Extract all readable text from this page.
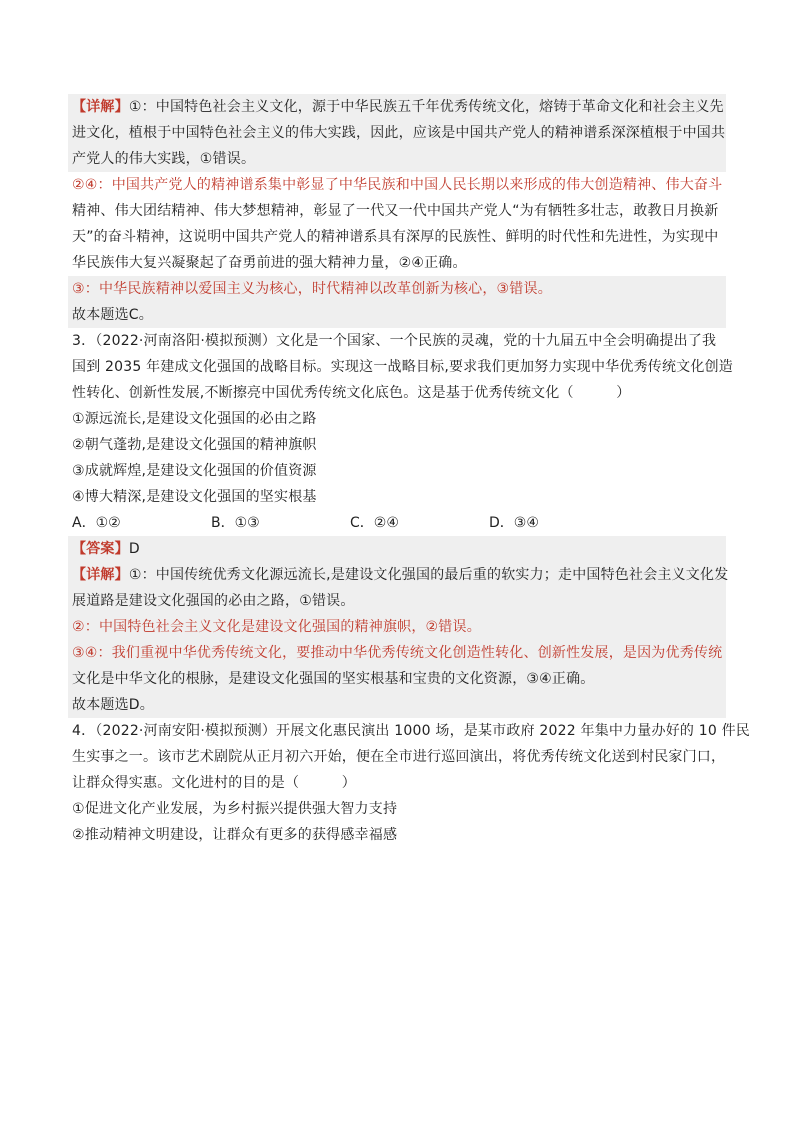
【详解】①：中国特色社会主义文化，源于中华民族五千年优秀传统文化，熔铸于革命文化和社会主义先
进文化，植根于中国特色社会主义的伟大实践，因此，应该是中国共产党人的精神谱系深深植根于中国共
产党人的伟大实践，①错误。
②④：中国共产党人的精神谱系集中彰显了中华民族和中国人民长期以来形成的伟大创造精神、伟大奋斗
精神、伟大团结精神、伟大梦想精神，彰显了一代又一代中国共产党人“为有牺牲多壮志，敢教日月换新
天”的奋斗精神，这说明中国共产党人的精神谱系具有深厚的民族性、鲜明的时代性和先进性，为实现中
华民族伟大复兴凝聚起了奋勇前进的强大精神力量，②④正确。
③：中华民族精神以爱国主义为核心，时代精神以改革创新为核心，③错误。
故本题选C。
3．（2022·河南洛阳·模拟预测）文化是一个国家、一个民族的灵魂，党的十九届五中全会明确提出了我
国到 2035 年建成文化强国的战略目标。实现这一战略目标,要求我们更加努力实现中华优秀传统文化创造
性转化、创新性发展,不断擦亮中国优秀传统文化底色。这是基于优秀传统文化（　　　）
①源远流长,是建设文化强国的必由之路
②朝气蓬勃,是建设文化强国的精神旗帜
③成就辉煌,是建设文化强国的价值资源
④博大精深,是建设文化强国的坚实根基
A．①②	B．①③	C．②④	D．③④
【答案】D
【详解】①：中国传统优秀文化源远流长,是建设文化强国的最后重的软实力；走中国特色社会主义文化发
展道路是建设文化强国的必由之路，①错误。
②：中国特色社会主义文化是建设文化强国的精神旗帜，②错误。
③④：我们重视中华优秀传统文化，要推动中华优秀传统文化创造性转化、创新性发展，是因为优秀传统
文化是中华文化的根脉，是建设文化强国的坚实根基和宝贵的文化资源，③④正确。
故本题选D。
4．（2022·河南安阳·模拟预测）开展文化惠民演出 1000 场，是某市政府 2022 年集中力量办好的 10 件民
生实事之一。该市艺术剧院从正月初六开始，便在全市进行巡回演出，将优秀传统文化送到村民家门口，
让群众得实惠。文化进村的目的是（　　　）
①促进文化产业发展，为乡村振兴提供强大智力支持
②推动精神文明建设，让群众有更多的获得感幸福感
